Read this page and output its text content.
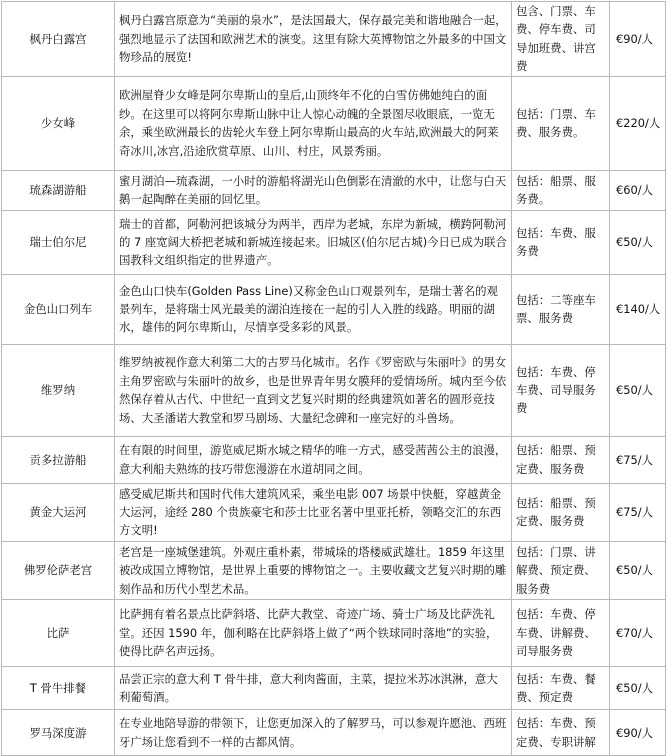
枫丹白露宫	枫丹白露宫原意为“美丽的泉水”，是法国最大，保存最完美和谐地融合一起，强烈地显示了法国和欧洲艺术的演变。这里有除大英博物馆之外最多的中国文物珍品的展览!	包含、门票、车费、停车费、司导加班费、讲宫费	€90/人
少女峰	欧洲屋脊少女峰是阿尔卑斯山的皇后,山顶终年不化的白雪仿佛她纯白的面纱。在这里可以将阿尔卑斯山脉中让人惊心动魄的全景图尽收眼底，一览无余，乘坐欧洲最长的齿轮火车登上阿尔卑斯山最高的火车站,欧洲最大的阿莱奇冰川,冰宫,沿途欣赏草原、山川、村庄，风景秀丽。	包括：门票、车费、服务费。	€220/人
琉森湖游船	蜜月湖泊—琉森湖，一小时的游船将湖光山色倒影在清澈的水中，让您与白天鹅一起陶醉在美丽的回忆里。	包括：船票、服务费。	€60/人
瑞士伯尔尼	瑞士的首都，阿勒河把该城分为两半，西岸为老城，东岸为新城，横跨阿勒河的 7 座宽阔大桥把老城和新城连接起来。旧城区(伯尔尼古城)今日已成为联合国教科文组织指定的世界遗产。	包括：车费、服务费	€50/人
金色山口列车	金色山口快车(Golden Pass Line)又称金色山口观景列车，是瑞士著名的观景列车，是将瑞士风光最美的湖泊连接在一起的引人入胜的线路。明丽的湖水，雄伟的阿尔卑斯山，尽情享受多彩的风景。	包括：二等座车票、服务费	€140/人
维罗纳	维罗纳被视作意大利第二大的古罗马化城市。名作《罗密欧与朱丽叶》的男女主角罗密欧与朱丽叶的故乡，也是世界青年男女膜拜的爱情场所。城内至今依然保存着从古代、中世纪一直到文艺复兴时期的经典建筑如著名的圆形竞技场、大圣潘诺大教堂和罗马剧场、大量纪念碑和一座完好的斗兽场。	包括：车费、停车费、司导服务费	€50/人
贡多拉游船	在有限的时间里，游览威尼斯水城之精华的唯一方式，感受茜茜公主的浪漫，意大利船夫熟练的技巧带您漫游在水道胡同之间。	包括：船票、预定费、服务费	€75/人
黄金大运河	感受威尼斯共和国时代伟大建筑风采，乘坐电影 007 场景中快艇，穿越黄金大运河，途经 280 个贵族豪宅和莎士比亚名著中里亚托桥，领略交汇的东西方文明!	包括：船票、预定费、服务费	€75/人
佛罗伦萨老宫	老宫是一座城堡建筑。外观庄重朴素，带城垛的塔楼威武雄壮。1859 年这里被改成国立博物馆，是世界上重要的博物馆之一。主要收藏文艺复兴时期的雕刻作品和历代小型艺术品。	包括：门票、讲解费、预定费、服务费	€50/人
比萨	比萨拥有着名景点比萨斜塔、比萨大教堂、奇迹广场、骑士广场及比萨洗礼堂。还因 1590 年，伽利略在比萨斜塔上做了“两个铁球同时落地”的实验，使得比萨名声远扬。	包括：车费、停车费、讲解费、司导服务费	€70/人
T 骨牛排餐	品尝正宗的意大利 T 骨牛排，意大利肉酱面，主菜，提拉米苏冰淇淋，意大利葡萄酒。	包括：车费、餐费、预定费	€50/人
罗马深度游	在专业地陪导游的带领下，让您更加深入的了解罗马，可以参观许愿池、西班牙广场让您看到不一样的古都风情。	包括：车费、预定费、专职讲解	€90/人
